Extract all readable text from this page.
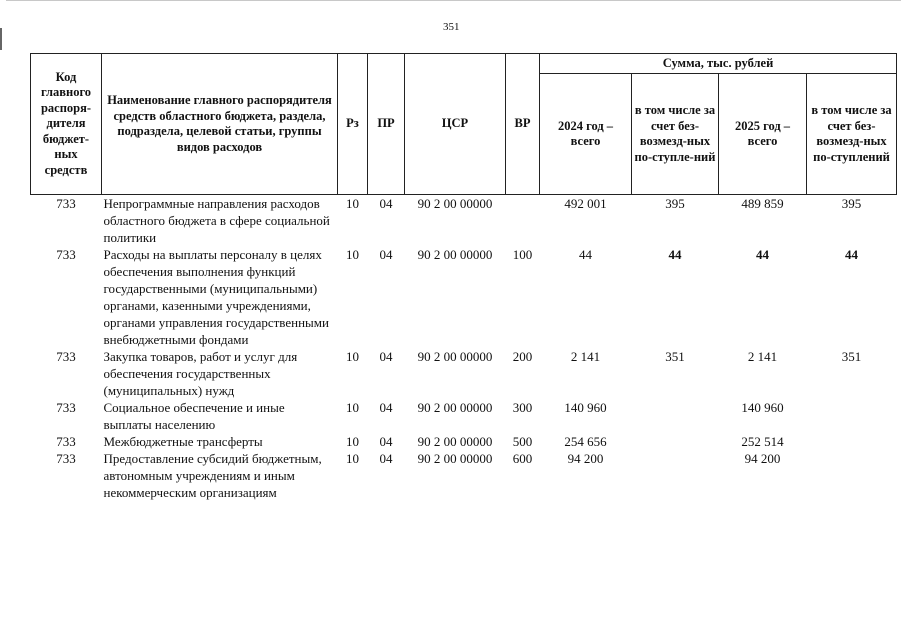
351
Код главного распоря-дителя бюджет-ных средств	Наименование главного распорядителя средств областного бюджета, раздела, подраздела, целевой статьи, группы видов расходов	Рз	ПР	ЦСР	ВР	Сумма, тыс. рублей			
						2024 год – всего	в том числе за счет без-возмезд-ных по-ступле-ний	2025 год – всего	в том числе за счет без-возмезд-ных по-ступлений
733	Непрограммные направления расходов областного бюджета в сфере социальной политики	10	04	90 2 00 00000		492 001	395	489 859	395
733	Расходы на выплаты персоналу в целях обеспечения выполнения функций государственными (муниципальными) органами, казенными учреждениями, органами управления государственными внебюджетными фондами	10	04	90 2 00 00000	100	44	44	44	44
733	Закупка товаров, работ и услуг для обеспечения государственных (муниципальных) нужд	10	04	90 2 00 00000	200	2 141	351	2 141	351
733	Социальное обеспечение и иные выплаты населению	10	04	90 2 00 00000	300	140 960		140 960	
733	Межбюджетные трансферты	10	04	90 2 00 00000	500	254 656		252 514	
733	Предоставление субсидий бюджетным, автономным учреждениям и иным некоммерческим организациям	10	04	90 2 00 00000	600	94 200		94 200	
